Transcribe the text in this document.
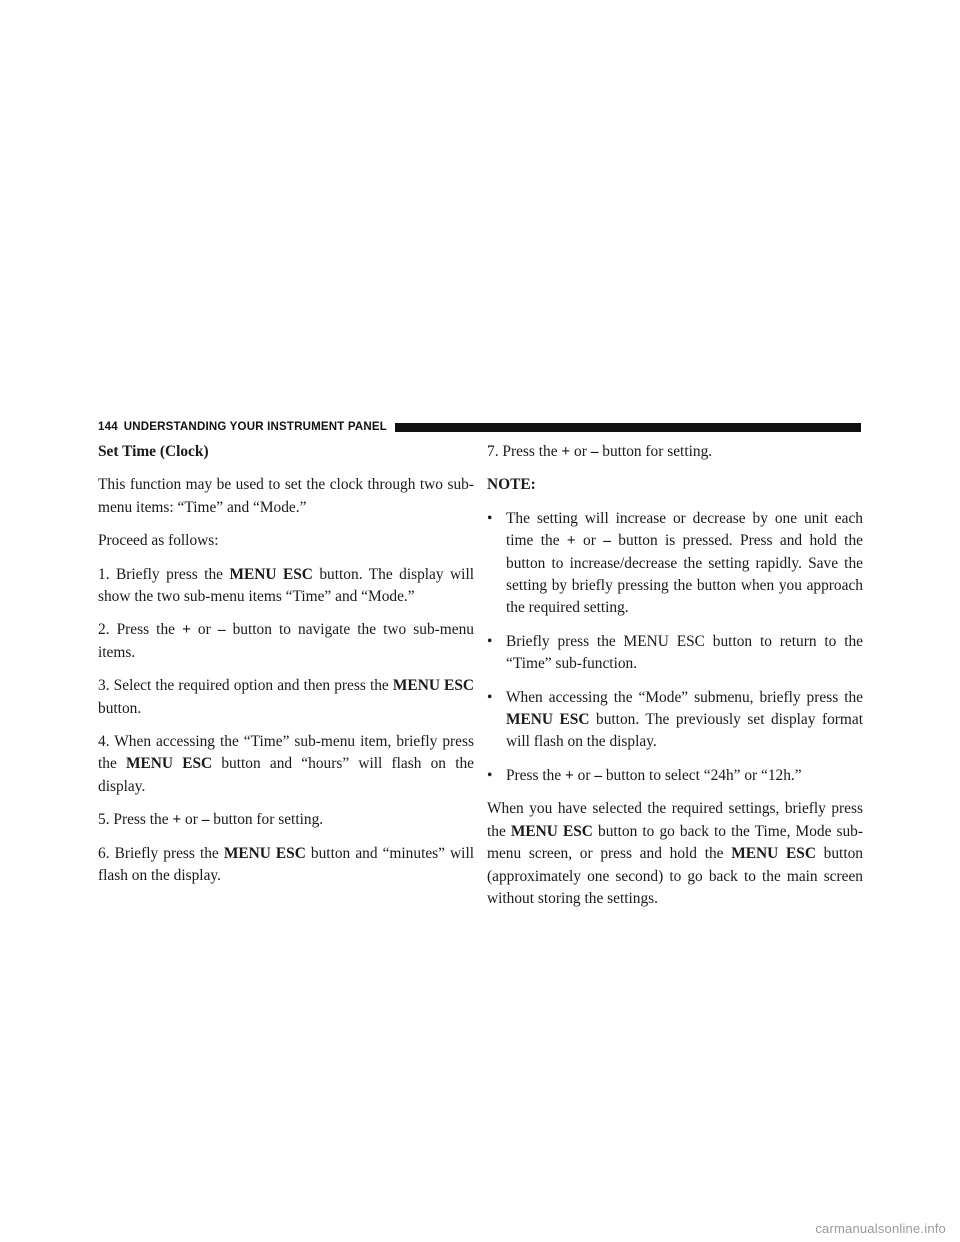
144 UNDERSTANDING YOUR INSTRUMENT PANEL

Set Time (Clock)

This function may be used to set the clock through two sub-menu items: “Time” and “Mode.”

Proceed as follows:

1. Briefly press the MENU ESC button. The display will show the two sub-menu items “Time” and “Mode.”

2. Press the + or – button to navigate the two sub-menu items.

3. Select the required option and then press the MENU ESC button.

4. When accessing the “Time” sub-menu item, briefly press the MENU ESC button and “hours” will flash on the display.

5. Press the + or – button for setting.

6. Briefly press the MENU ESC button and “minutes” will flash on the display.

7. Press the + or – button for setting.

NOTE:

• The setting will increase or decrease by one unit each time the + or – button is pressed. Press and hold the button to increase/decrease the setting rapidly. Save the setting by briefly pressing the button when you approach the required setting.
• Briefly press the MENU ESC button to return to the “Time” sub-function.
• When accessing the “Mode” submenu, briefly press the MENU ESC button. The previously set display format will flash on the display.
• Press the + or – button to select “24h” or “12h.”

When you have selected the required settings, briefly press the MENU ESC button to go back to the Time, Mode sub-menu screen, or press and hold the MENU ESC button (approximately one second) to go back to the main screen without storing the settings.

carmanualsonline.info
